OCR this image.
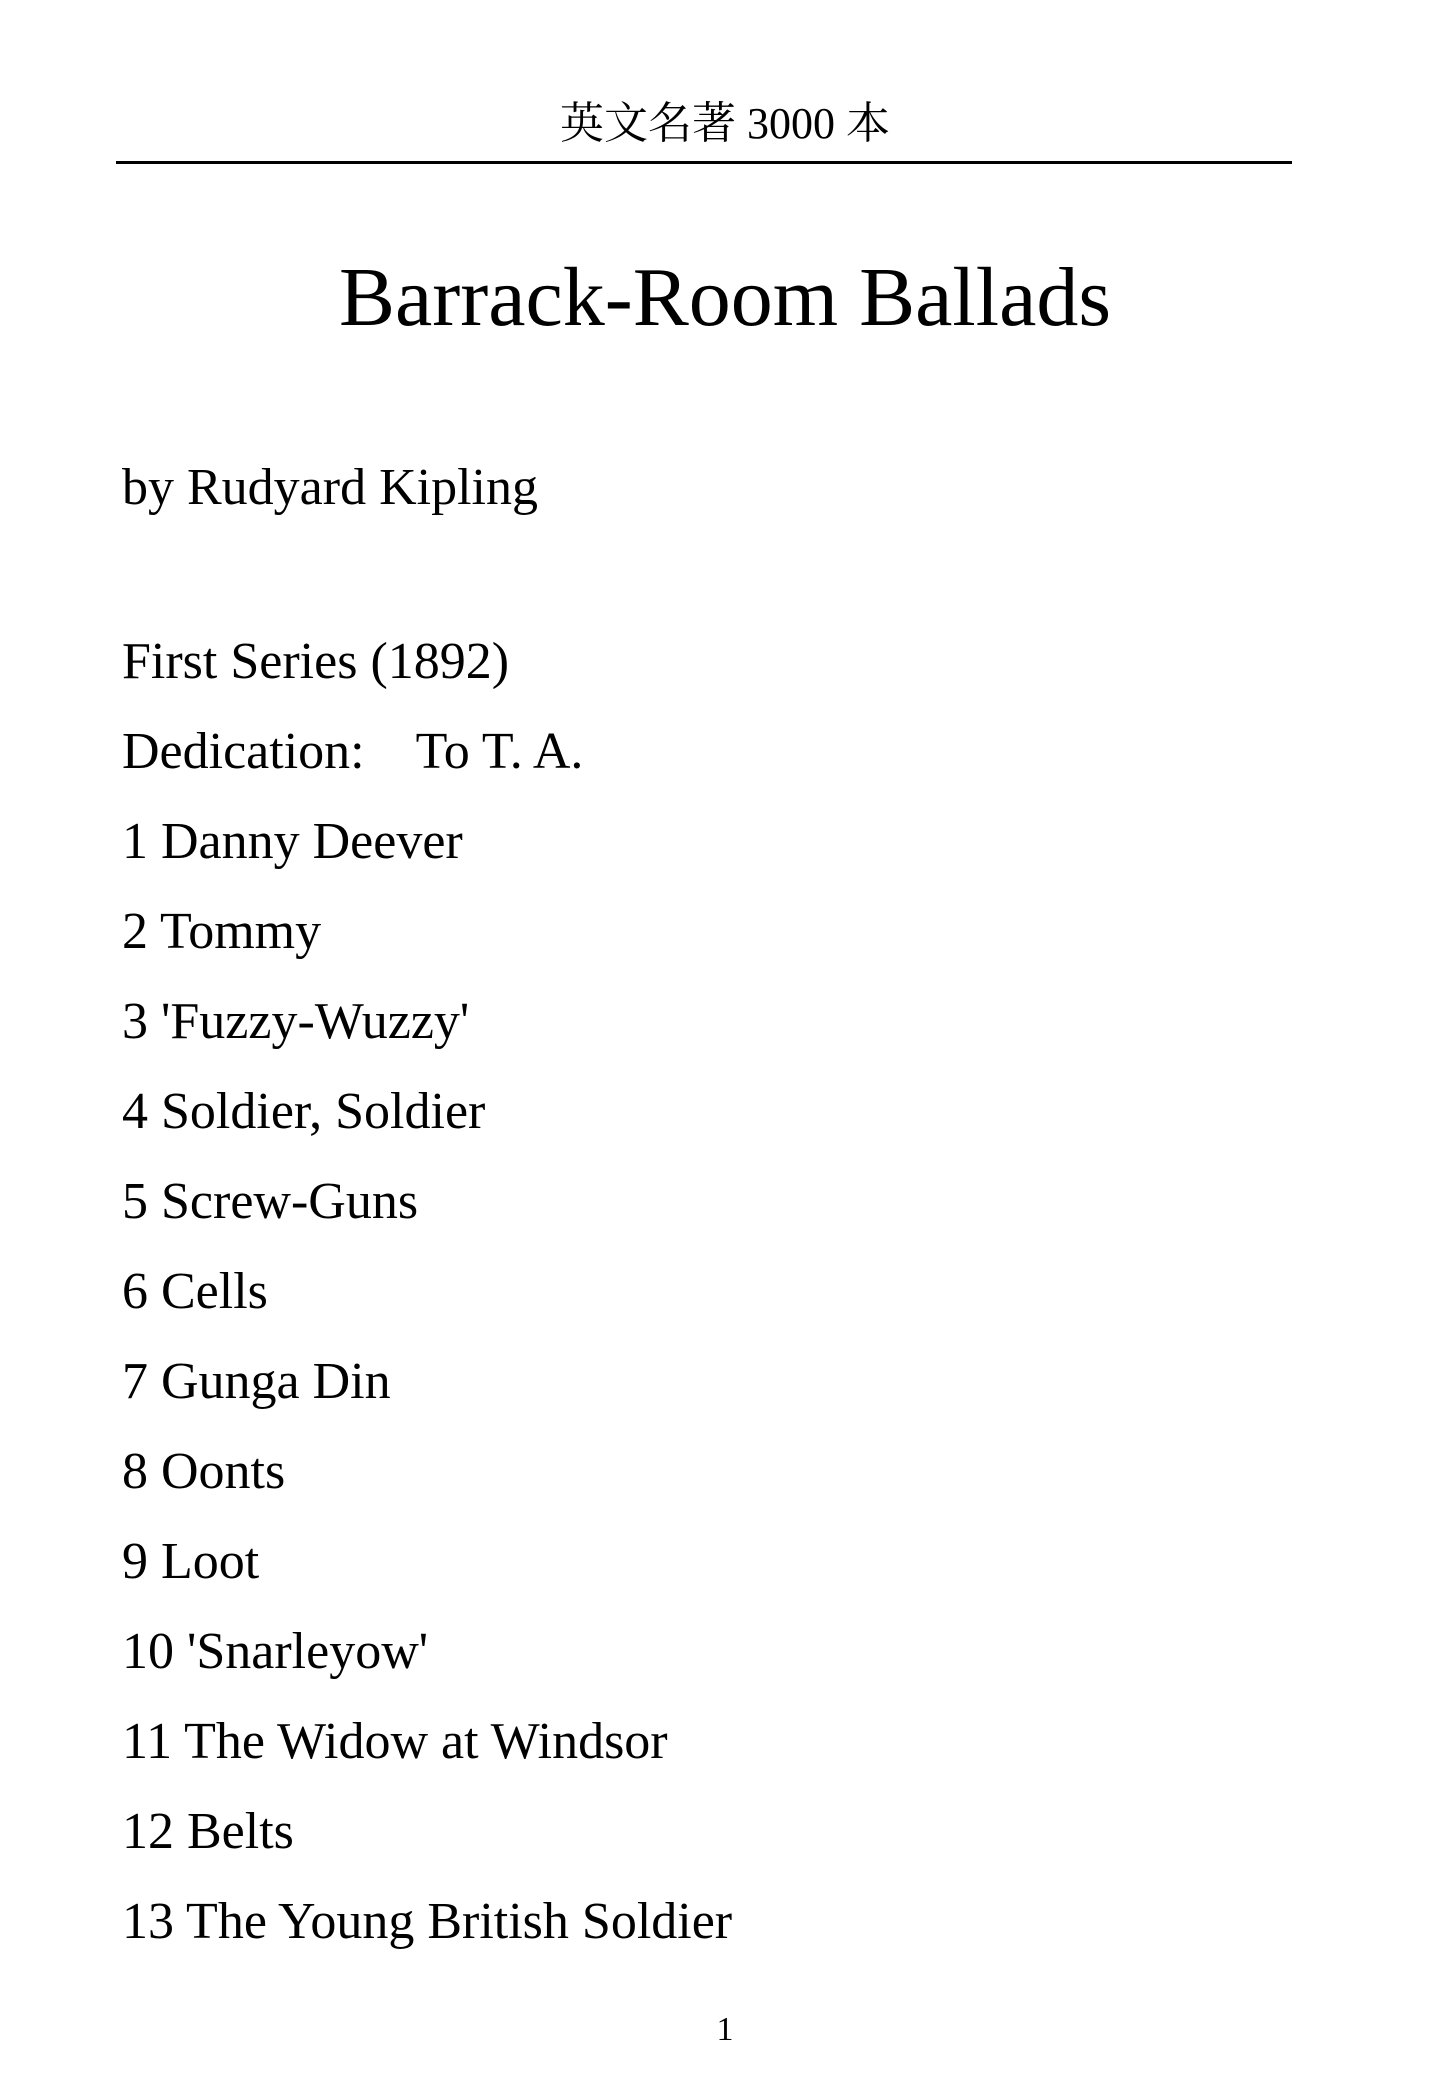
英文名著 3000 本
Barrack-Room Ballads
by Rudyard Kipling
First Series (1892)
Dedication:    To T. A.
1 Danny Deever
2 Tommy
3 'Fuzzy-Wuzzy'
4 Soldier, Soldier
5 Screw-Guns
6 Cells
7 Gunga Din
8 Oonts
9 Loot
10 'Snarleyow'
11 The Widow at Windsor
12 Belts
13 The Young British Soldier
1
